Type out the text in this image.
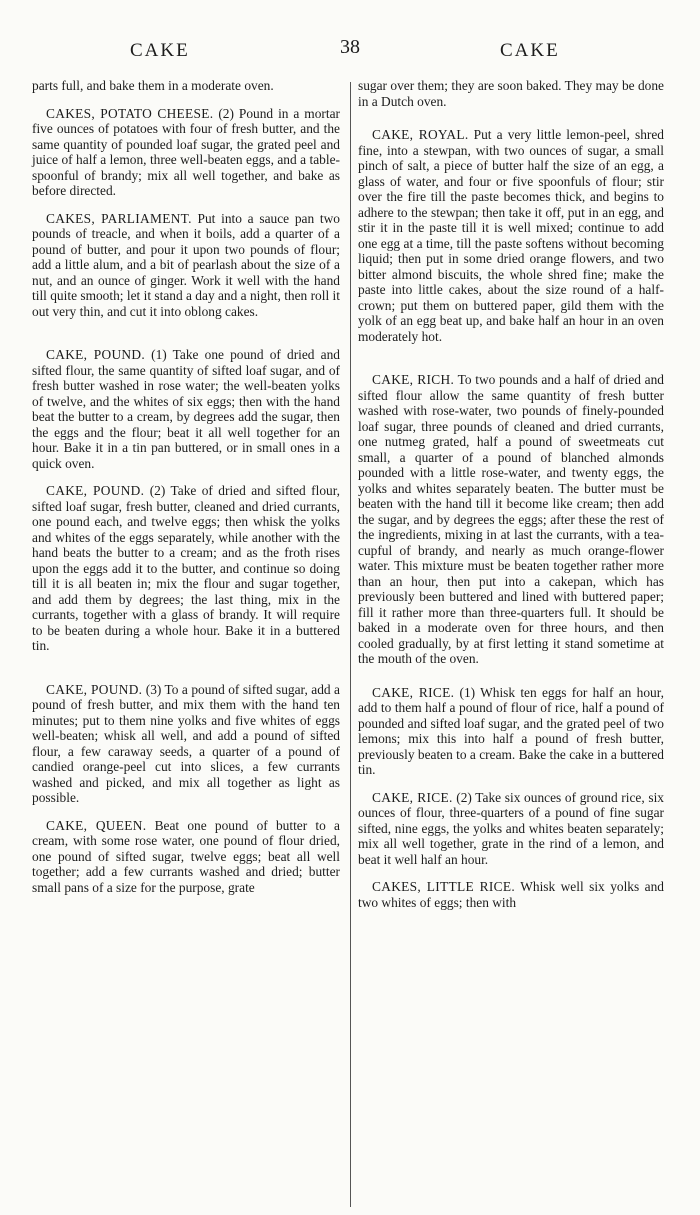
CAKE	38	CAKE

parts full, and bake them in a moderate oven.

CAKES, POTATO CHEESE. (2) Pound in a mortar five ounces of potatoes with four of fresh butter, and the same quantity of pounded loaf sugar, the grated peel and juice of half a lemon, three well-beaten eggs, and a table-spoonful of brandy; mix all well together, and bake as before directed.

CAKES, PARLIAMENT. Put into a sauce pan two pounds of treacle, and when it boils, add a quarter of a pound of butter, and pour it upon two pounds of flour; add a little alum, and a bit of pearlash about the size of a nut, and an ounce of ginger. Work it well with the hand till quite smooth; let it stand a day and a night, then roll it out very thin, and cut it into oblong cakes.

CAKE, POUND. (1) Take one pound of dried and sifted flour, the same quantity of sifted loaf sugar, and of fresh butter washed in rose water; the well-beaten yolks of twelve, and the whites of six eggs; then with the hand beat the butter to a cream, by degrees add the sugar, then the eggs and the flour; beat it all well together for an hour. Bake it in a tin pan buttered, or in small ones in a quick oven.

CAKE, POUND. (2) Take of dried and sifted flour, sifted loaf sugar, fresh butter, cleaned and dried currants, one pound each, and twelve eggs; then whisk the yolks and whites of the eggs separately, while another with the hand beats the butter to a cream; and as the froth rises upon the eggs add it to the butter, and continue so doing till it is all beaten in; mix the flour and sugar together, and add them by degrees; the last thing, mix in the currants, together with a glass of brandy. It will require to be beaten during a whole hour. Bake it in a buttered tin.

CAKE, POUND. (3) To a pound of sifted sugar, add a pound of fresh butter, and mix them with the hand ten minutes; put to them nine yolks and five whites of eggs well-beaten; whisk all well, and add a pound of sifted flour, a few caraway seeds, a quarter of a pound of candied orange-peel cut into slices, a few currants washed and picked, and mix all together as light as possible.

CAKE, QUEEN. Beat one pound of butter to a cream, with some rose water, one pound of flour dried, one pound of sifted sugar, twelve eggs; beat all well together; add a few currants washed and dried; butter small pans of a size for the purpose, grate

sugar over them; they are soon baked. They may be done in a Dutch oven.

CAKE, ROYAL. Put a very little lemon-peel, shred fine, into a stewpan, with two ounces of sugar, a small pinch of salt, a piece of butter half the size of an egg, a glass of water, and four or five spoonfuls of flour; stir over the fire till the paste becomes thick, and begins to adhere to the stewpan; then take it off, put in an egg, and stir it in the paste till it is well mixed; continue to add one egg at a time, till the paste softens without becoming liquid; then put in some dried orange flowers, and two bitter almond biscuits, the whole shred fine; make the paste into little cakes, about the size round of a half-crown; put them on buttered paper, gild them with the yolk of an egg beat up, and bake half an hour in an oven moderately hot.

CAKE, RICH. To two pounds and a half of dried and sifted flour allow the same quantity of fresh butter washed with rose-water, two pounds of finely-pounded loaf sugar, three pounds of cleaned and dried currants, one nutmeg grated, half a pound of sweetmeats cut small, a quarter of a pound of blanched almonds pounded with a little rose-water, and twenty eggs, the yolks and whites separately beaten. The butter must be beaten with the hand till it become like cream; then add the sugar, and by degrees the eggs; after these the rest of the ingredients, mixing in at last the currants, with a tea-cupful of brandy, and nearly as much orange-flower water. This mixture must be beaten together rather more than an hour, then put into a cakepan, which has previously been buttered and lined with buttered paper; fill it rather more than three-quarters full. It should be baked in a moderate oven for three hours, and then cooled gradually, by at first letting it stand sometime at the mouth of the oven.

CAKE, RICE. (1) Whisk ten eggs for half an hour, add to them half a pound of flour of rice, half a pound of pounded and sifted loaf sugar, and the grated peel of two lemons; mix this into half a pound of fresh butter, previously beaten to a cream. Bake the cake in a buttered tin.

CAKE, RICE. (2) Take six ounces of ground rice, six ounces of flour, three-quarters of a pound of fine sugar sifted, nine eggs, the yolks and whites beaten separately; mix all well together, grate in the rind of a lemon, and beat it well half an hour.

CAKES, LITTLE RICE. Whisk well six yolks and two whites of eggs; then with
